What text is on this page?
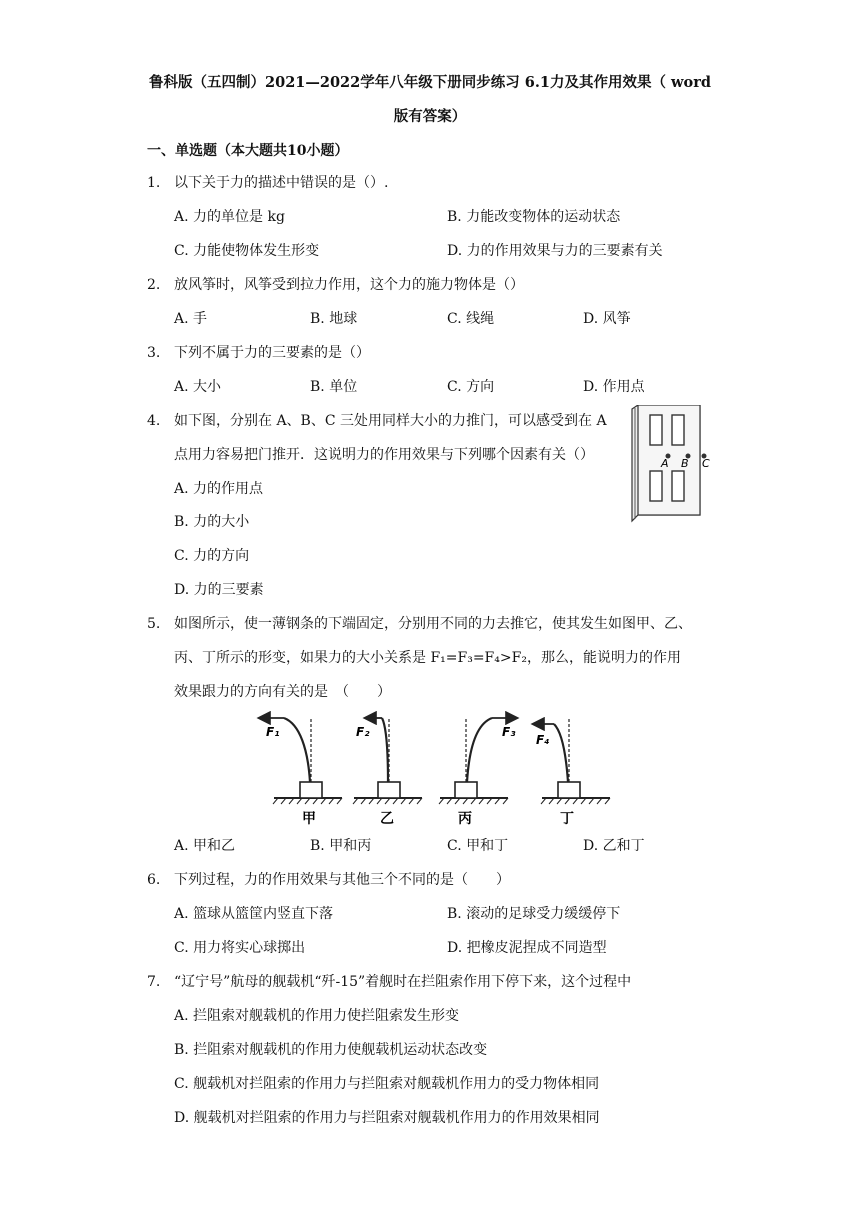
鲁科版（五四制）2021—2022学年八年级下册同步练习 6.1力及其作用效果（ word
版有答案）
一、单选题（本大题共10小题）
1. 以下关于力的描述中错误的是（）.
A. 力的单位是 kg	B. 力能改变物体的运动状态
C. 力能使物体发生形变	D. 力的作用效果与力的三要素有关
2. 放风筝时，风筝受到拉力作用，这个力的施力物体是（）
A. 手	B. 地球	C. 线绳	D. 风筝
3. 下列不属于力的三要素的是（）
A. 大小	B. 单位	C. 方向	D. 作用点
4. 如下图，分别在 A、B、C 三处用同样大小的力推门，可以感受到在 A
点用力容易把门推开．这说明力的作用效果与下列哪个因素有关（）
A. 力的作用点
B. 力的大小
C. 力的方向
D. 力的三要素
A B C
5. 如图所示，使一薄钢条的下端固定，分别用不同的力去推它，使其发生如图甲、乙、
丙、丁所示的形变，如果力的大小关系是 F₁=F₃=F₄>F₂，那么，能说明力的作用
效果跟力的方向有关的是　（　　）
F₁
甲
F₂
乙
F₃
丙
F₄
丁
A. 甲和乙	B. 甲和丙	C. 甲和丁	D. 乙和丁
6. 下列过程，力的作用效果与其他三个不同的是（　　）
A. 篮球从篮筐内竖直下落	B. 滚动的足球受力缓缓停下
C. 用力将实心球掷出	D. 把橡皮泥捏成不同造型
7. “辽宁号”航母的舰载机“歼-15”着舰时在拦阻索作用下停下来，这个过程中
A. 拦阻索对舰载机的作用力使拦阻索发生形变
B. 拦阻索对舰载机的作用力使舰载机运动状态改变
C. 舰载机对拦阻索的作用力与拦阻索对舰载机作用力的受力物体相同
D. 舰载机对拦阻索的作用力与拦阻索对舰载机作用力的作用效果相同
